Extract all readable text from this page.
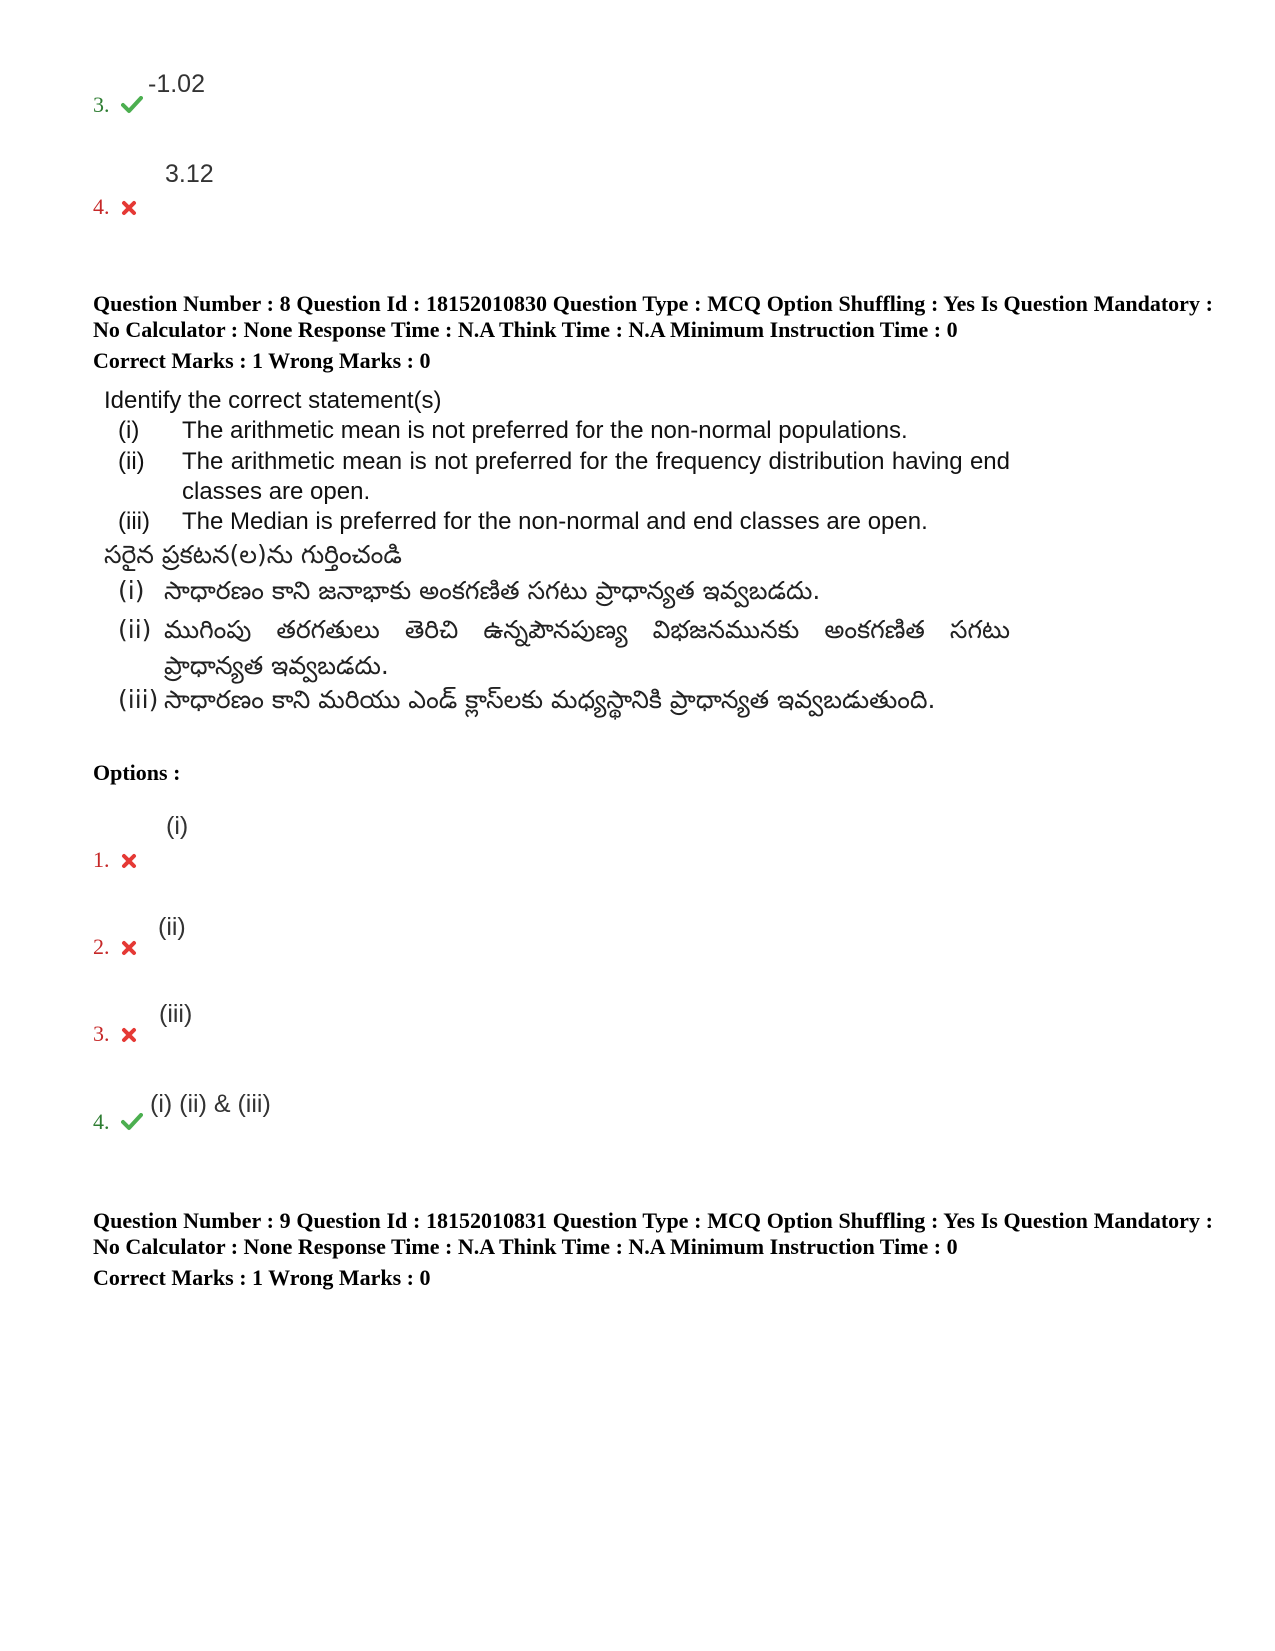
-1.02
3.
3.12
4.
Question Number : 8 Question Id : 18152010830 Question Type : MCQ Option Shuffling : Yes Is Question Mandatory : No Calculator : None Response Time : N.A Think Time : N.A Minimum Instruction Time : 0
Correct Marks : 1 Wrong Marks : 0
Identify the correct statement(s)
(i)	The arithmetic mean is not preferred for the non-normal populations.
(ii)	The arithmetic mean is not preferred for the frequency distribution having end classes are open.
(iii)	The Median is preferred for the non-normal and end classes are open.
సరైన ప్రకటన(ల)ను గుర్తించండి
(i) సాధారణం కాని జనాభాకు అంకగణిత సగటు ప్రాధాన్యత ఇవ్వబడదు.
(ii) ముగింపు తరగతులు తెరిచి ఉన్నపౌనపుణ్య విభజనమునకు అంకగణిత సగటు ప్రాధాన్యత ఇవ్వబడదు.
(iii) సాధారణం కాని మరియు ఎండ్ క్లాస్‌లకు మధ్యస్థానికి ప్రాధాన్యత ఇవ్వబడుతుంది.
Options :
(i)
1.
(ii)
2.
(iii)
3.
(i) (ii) & (iii)
4.
Question Number : 9 Question Id : 18152010831 Question Type : MCQ Option Shuffling : Yes Is Question Mandatory : No Calculator : None Response Time : N.A Think Time : N.A Minimum Instruction Time : 0
Correct Marks : 1 Wrong Marks : 0
